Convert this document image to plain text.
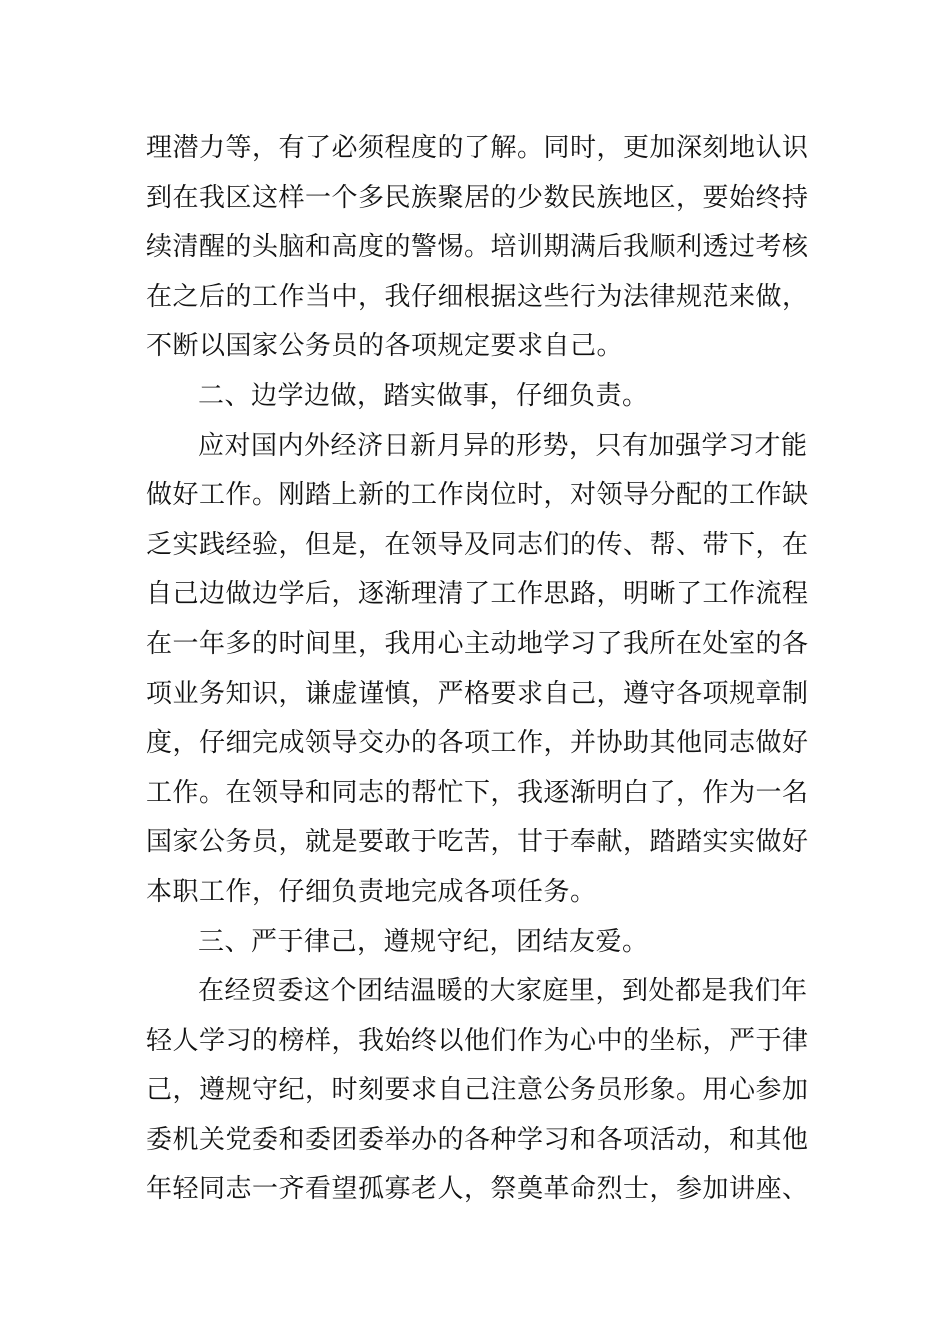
理潜力等，有了必须程度的了解。同时，更加深刻地认识
到在我区这样一个多民族聚居的少数民族地区，要始终持
续清醒的头脑和高度的警惕。培训期满后我顺利透过考核
在之后的工作当中，我仔细根据这些行为法律规范来做，
不断以国家公务员的各项规定要求自己。
二、边学边做，踏实做事，仔细负责。
应对国内外经济日新月异的形势，只有加强学习才能
做好工作。刚踏上新的工作岗位时，对领导分配的工作缺
乏实践经验，但是，在领导及同志们的传、帮、带下，在
自己边做边学后，逐渐理清了工作思路，明晰了工作流程
在一年多的时间里，我用心主动地学习了我所在处室的各
项业务知识，谦虚谨慎，严格要求自己，遵守各项规章制
度，仔细完成领导交办的各项工作，并协助其他同志做好
工作。在领导和同志的帮忙下，我逐渐明白了，作为一名
国家公务员，就是要敢于吃苦，甘于奉献，踏踏实实做好
本职工作，仔细负责地完成各项任务。
三、严于律己，遵规守纪，团结友爱。
在经贸委这个团结温暖的大家庭里，到处都是我们年
轻人学习的榜样，我始终以他们作为心中的坐标，严于律
己，遵规守纪，时刻要求自己注意公务员形象。用心参加
委机关党委和委团委举办的各种学习和各项活动，和其他
年轻同志一齐看望孤寡老人，祭奠革命烈士，参加讲座、
